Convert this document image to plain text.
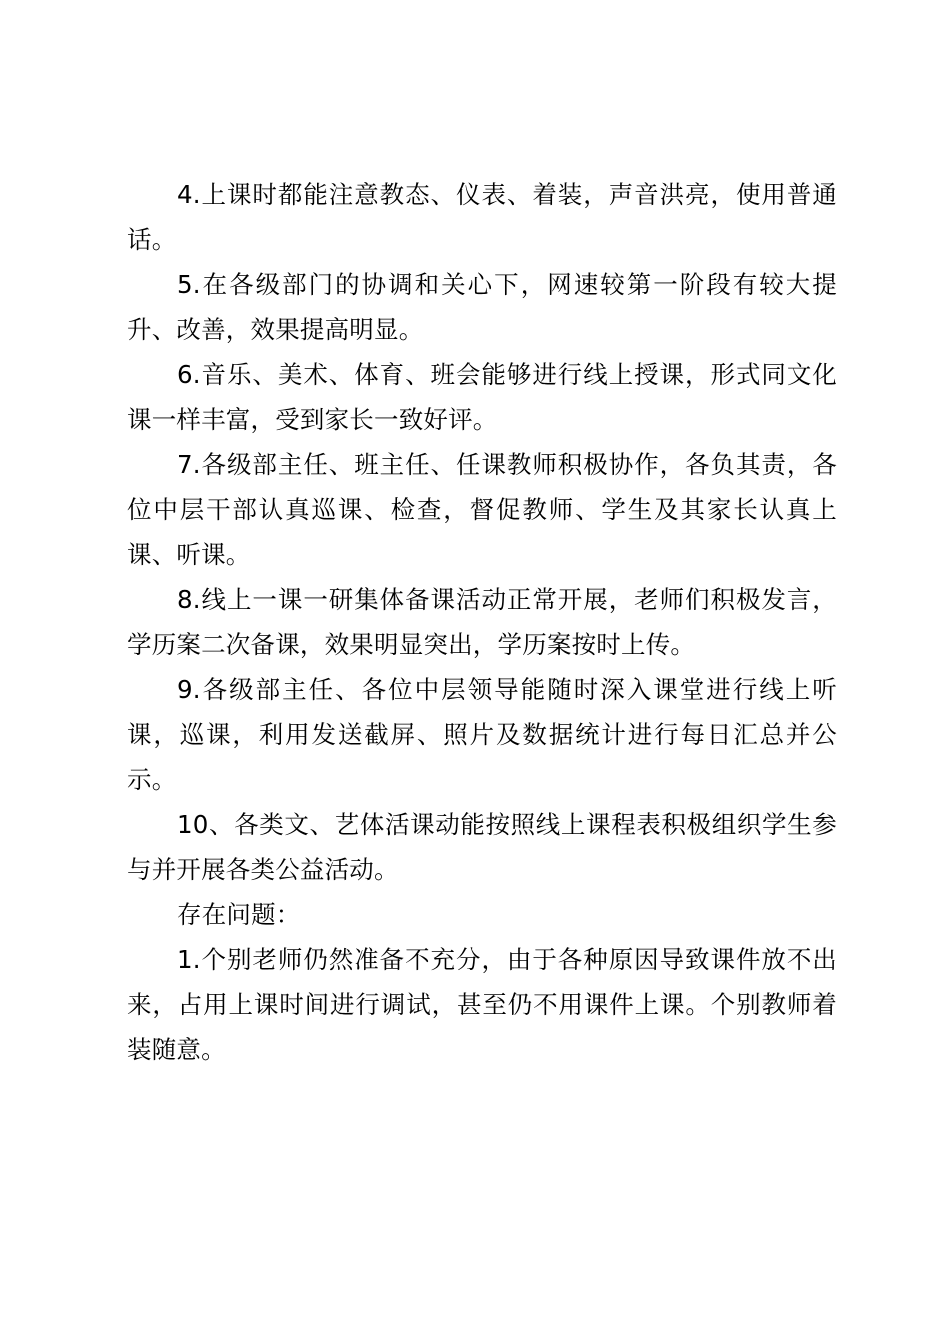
4.上课时都能注意教态、仪表、着装，声音洪亮，使用普通话。

5.在各级部门的协调和关心下，网速较第一阶段有较大提升、改善，效果提高明显。

6.音乐、美术、体育、班会能够进行线上授课，形式同文化课一样丰富，受到家长一致好评。

7.各级部主任、班主任、任课教师积极协作，各负其责，各位中层干部认真巡课、检查，督促教师、学生及其家长认真上课、听课。

8.线上一课一研集体备课活动正常开展，老师们积极发言，学历案二次备课，效果明显突出，学历案按时上传。

9.各级部主任、各位中层领导能随时深入课堂进行线上听课，巡课，利用发送截屏、照片及数据统计进行每日汇总并公示。

10、各类文、艺体活课动能按照线上课程表积极组织学生参与并开展各类公益活动。

存在问题：

1.个别老师仍然准备不充分，由于各种原因导致课件放不出来，占用上课时间进行调试，甚至仍不用课件上课。个别教师着装随意。
